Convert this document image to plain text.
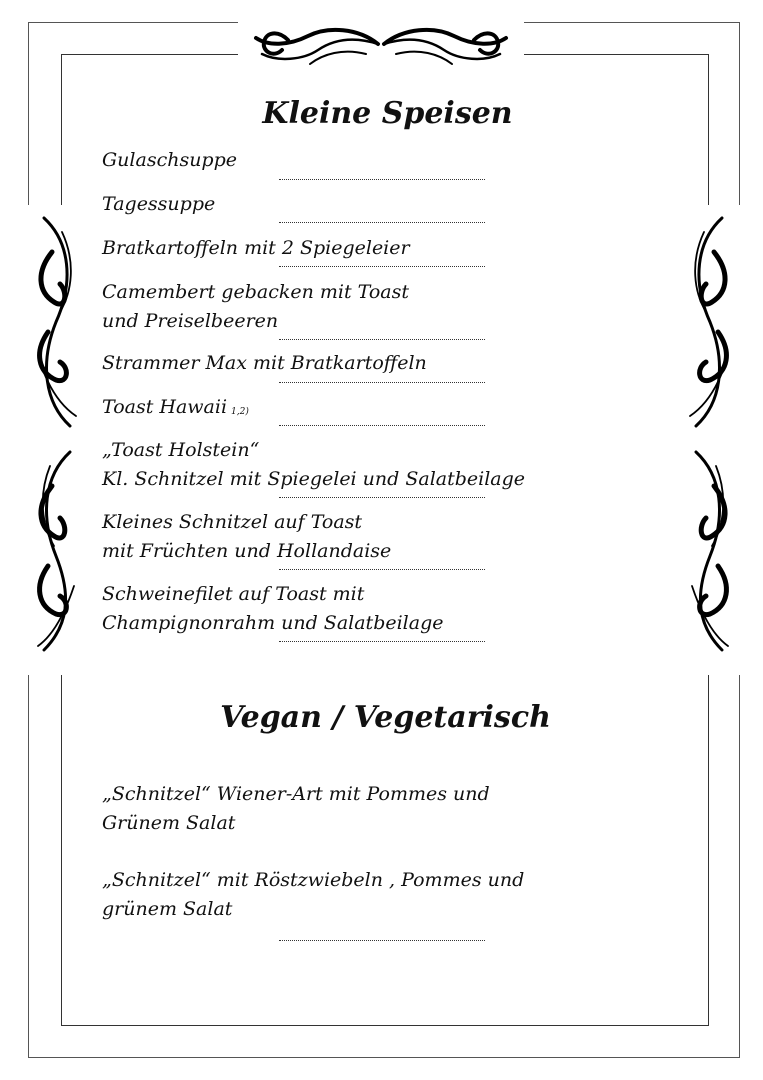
Kleine Speisen
Gulaschsuppe
Tagessuppe
Bratkartoffeln mit 2 Spiegeleier
Camembert gebacken mit Toast
und Preiselbeeren
Strammer Max mit Bratkartoffeln
Toast Hawaii 1,2)
„Toast Holstein“
Kl. Schnitzel mit Spiegelei und Salatbeilage
Kleines Schnitzel auf Toast
mit Früchten und Hollandaise
Schweinefilet auf Toast mit
Champignonrahm und Salatbeilage
Vegan / Vegetarisch
„Schnitzel“ Wiener-Art mit Pommes und
Grünem Salat
„Schnitzel“ mit Röstzwiebeln , Pommes und
grünem Salat
